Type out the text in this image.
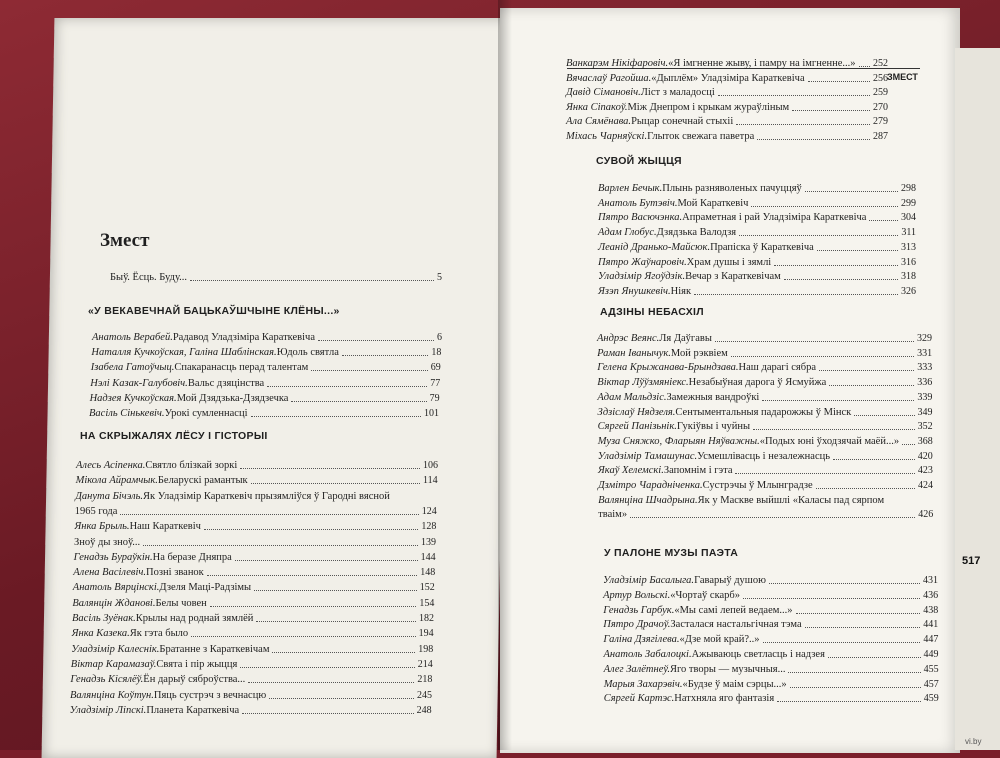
Змест
Быў. Ёсць. Буду...	5
«У ВЕКАВЕЧНАЙ БАЦЬКАЎШЧЫНЕ КЛЁНЫ...»
Анатоль Верабей. Радавод Уладзіміра Караткевіча	6
Наталля Кучкоўская, Галіна Шаблінская. Юдоль святла	18
Ізабела Гатоўчыц. Спакаранасць перад талентам	69
Нэлі Казак-Галубовіч. Вальс дзяцінства	77
Надзея Кучкоўская. Мой Дзядзька-Дзядзечка	79
Васіль Сінькевіч. Урокі сумленнасці	101
НА СКРЫЖАЛЯХ ЛЁСУ І ГІСТОРЫІ
Алесь Асіпенка. Святло блізкай зоркі	106
Мікола Айрамчык. Беларускі рамантык	114
Данута Бічэль. Як Уладзімір Караткевіч прызямліўся ў Гародні вясной
1965 года	124
Янка Брыль. Наш Караткевіч	128
Зноў ды зноў...	139
Генадзь Бураўкін. На беразе Дняпра	144
Алена Васілевіч. Позні званок	148
Анатоль Вярцінскі. Дзеля Маці-Радзімы	152
Валянцін Жданові. Белы човен	154
Васіль Зуёнак. Крылы над роднай зямлёй	182
Янка Казека. Як гэта было	194
Уладзімір Калеснік. Братанне з Караткевічам	198
Віктар Карамазаў. Свята і пір жыцця	214
Генадзь Кісялёў. Ён дарыў сяброўства...	218
Валянціна Коўтун. Пяць сустрэч з вечнасцю	245
Уладзімір Ліпскі. Планета Караткевіча	248
ЗМЕСТ
Ванкарэм Нікіфаровіч. «Я імгненне жыву, і памру на імгненне...» 252
Вячаслаў Рагойша. «Дыплём» Уладзіміра Караткевіча	256
Давід Сімановіч. Ліст з маладосці	259
Янка Сіпакоў. Між Днепром і крыкам жураўліным	270
Ала Сямёнава. Рыцар сонечнай стыхіі	279
Міхась Чарняўскі. Глыток свежага паветра	287
СУВОЙ ЖЫЦЦЯ
Варлен Бечык. Плынь разняволеных пачуццяў	298
Анатоль Бутэвіч. Мой Караткевіч	299
Пятро Васючэнка. Апраметная і рай Уладзіміра Караткевіча	304
Адам Глобус. Дзядзька Валодзя	311
Леанід Дранько-Майсюк. Прапіска ў Караткевіча	313
Пятро Жаўнаровіч. Храм душы і зямлі	316
Уладзімір Ягоўдзік. Вечар з Караткевічам	318
Язэп Янушкевіч. Ніяк	326
АДЗІНЫ НЕБАСХІЛ
Андрэс Веянс. Ля Даўгавы	329
Раман Іванычук. Мой рэквіем	331
Гелена Крыжанава-Брындзава. Наш дарагі сябра	333
Віктар Лўўзмяніекс. Незабыўная дарога ў Ясмуйжа	336
Адам Мальдзіс. Замежныя вандроўкі	339
Здзіслаў Нядзеля. Сентыментальныя падарожжы ў Мінск	349
Сяргей Панізьнік. Гукіўвы і чуйны	352
Муза Сняжко, Фларыян Няўважны. «Подых юні ўходзячай маёй...» 368
Уладзімір Тамашунас. Усмешлівасць і незалежнасць	420
Якаў Хелемскі. Запомнім і гэта	423
Дзмітро Чарадніченка. Сустрэчы ў Млынградзе	424
Валянціна Шчадрына. Як у Маскве выйшлі «Каласы пад сярпом
тваім»	426
У ПАЛОНЕ МУЗЫ ПАЭТА
Уладзімір Басалыга. Гаварыў душою	431
Артур Вольскі. «Чортаў скарб»	436
Генадзь Гарбук. «Мы самі лепей ведаем...»	438
Пятро Драчоў. Засталася настальгічная тэма	441
Галіна Дзягілева. «Дзе мой край?..»	447
Анатоль Забалоцкі. Ажываюць светласць і надзея	449
Алег Залётнеў. Яго творы — музычныя...	455
Марыя Захарэвіч. «Будзе ў маім сэрцы...»	457
Сяргей Картэс. Натхняла яго фантазія	459
517
vi.by
